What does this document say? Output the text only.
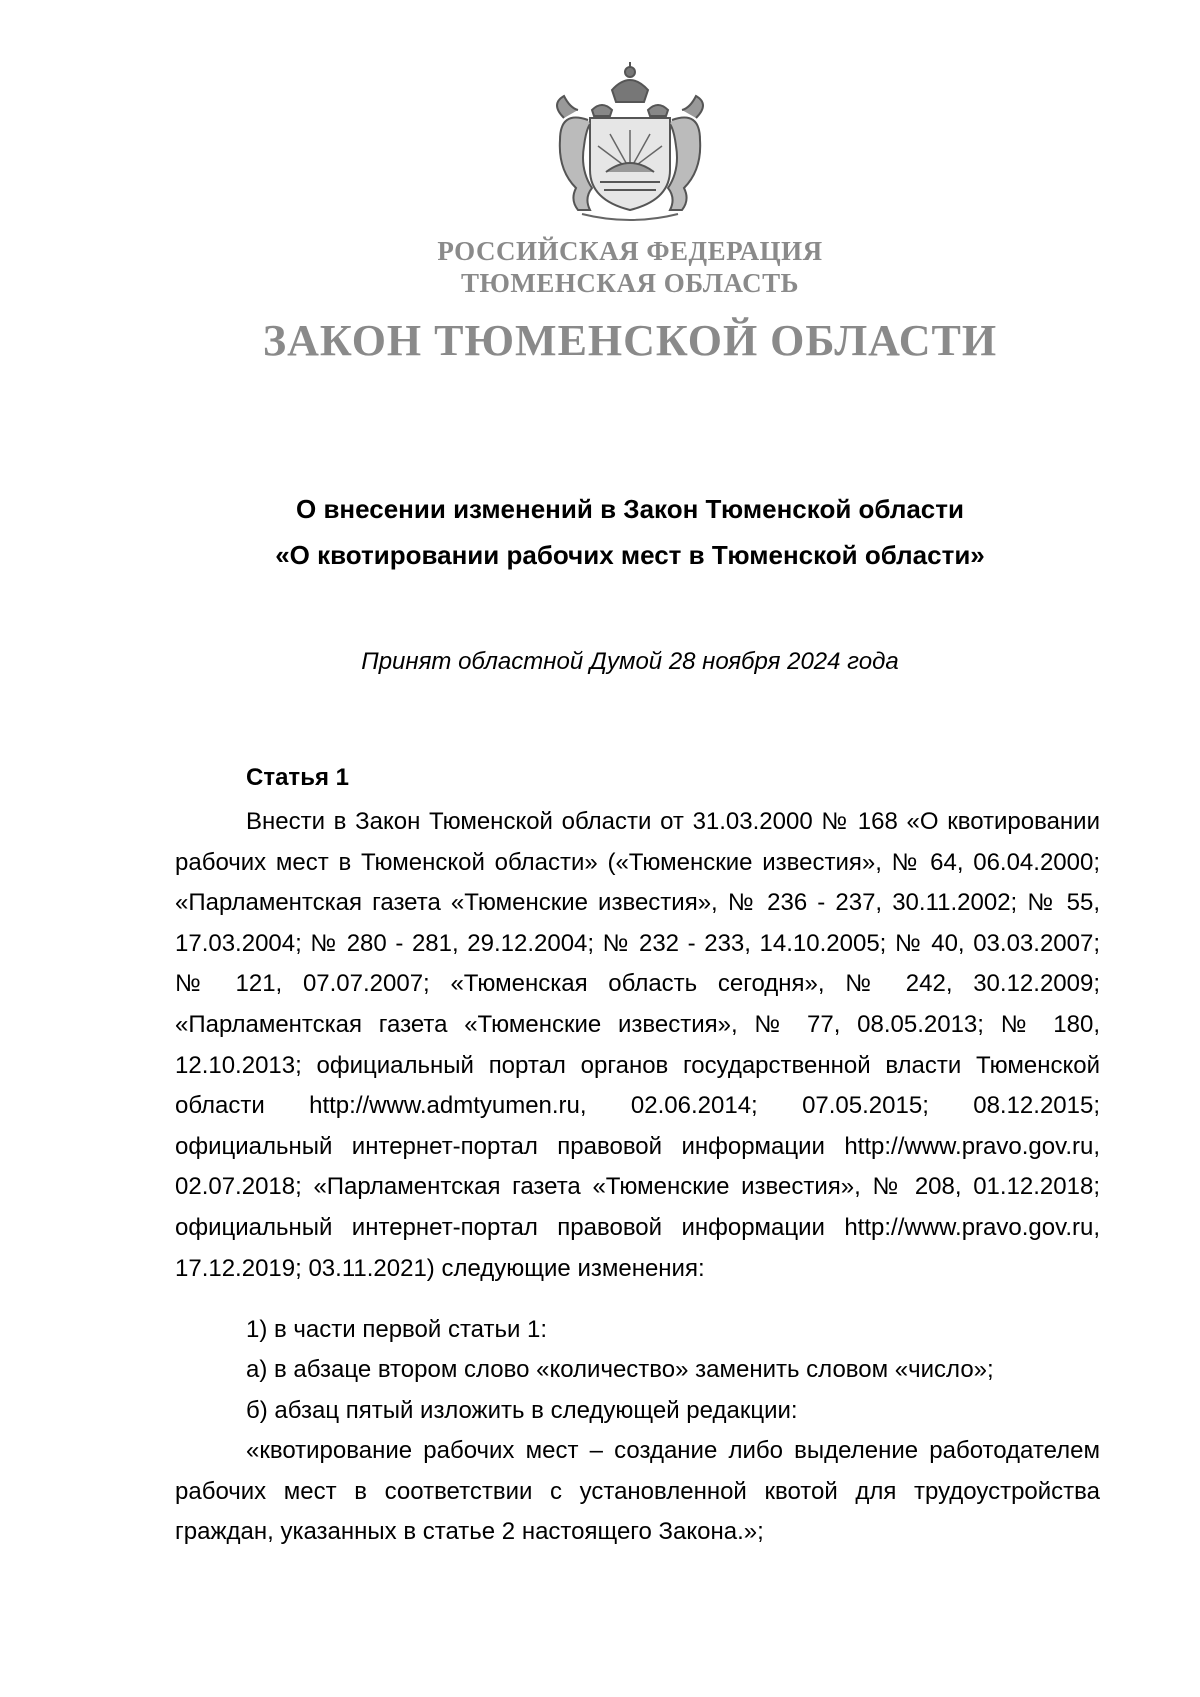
РОССИЙСКАЯ ФЕДЕРАЦИЯ
ТЮМЕНСКАЯ ОБЛАСТЬ
ЗАКОН ТЮМЕНСКОЙ ОБЛАСТИ
О внесении изменений в Закон Тюменской области
«О квотировании рабочих мест в Тюменской области»
Принят областной Думой 28 ноября 2024 года
Статья 1

Внести в Закон Тюменской области от 31.03.2000 № 168 «О квотировании рабочих мест в Тюменской области» («Тюменские известия», № 64, 06.04.2000; «Парламентская газета «Тюменские известия», № 236 - 237, 30.11.2002; № 55, 17.03.2004; № 280 - 281, 29.12.2004; № 232 - 233, 14.10.2005; № 40, 03.03.2007; № 121, 07.07.2007; «Тюменская область сегодня», № 242, 30.12.2009; «Парламентская газета «Тюменские известия», № 77, 08.05.2013; № 180, 12.10.2013; официальный портал органов государственной власти Тюменской области http://www.admtyumen.ru, 02.06.2014; 07.05.2015; 08.12.2015; официальный интернет-портал правовой информации http://www.pravo.gov.ru, 02.07.2018; «Парламентская газета «Тюменские известия», № 208, 01.12.2018; официальный интернет-портал правовой информации http://www.pravo.gov.ru, 17.12.2019; 03.11.2021) следующие изменения:

1) в части первой статьи 1:

а) в абзаце втором слово «количество» заменить словом «число»;

б) абзац пятый изложить в следующей редакции:

«квотирование рабочих мест – создание либо выделение работодателем рабочих мест в соответствии с установленной квотой для трудоустройства граждан, указанных в статье 2 настоящего Закона.»;
